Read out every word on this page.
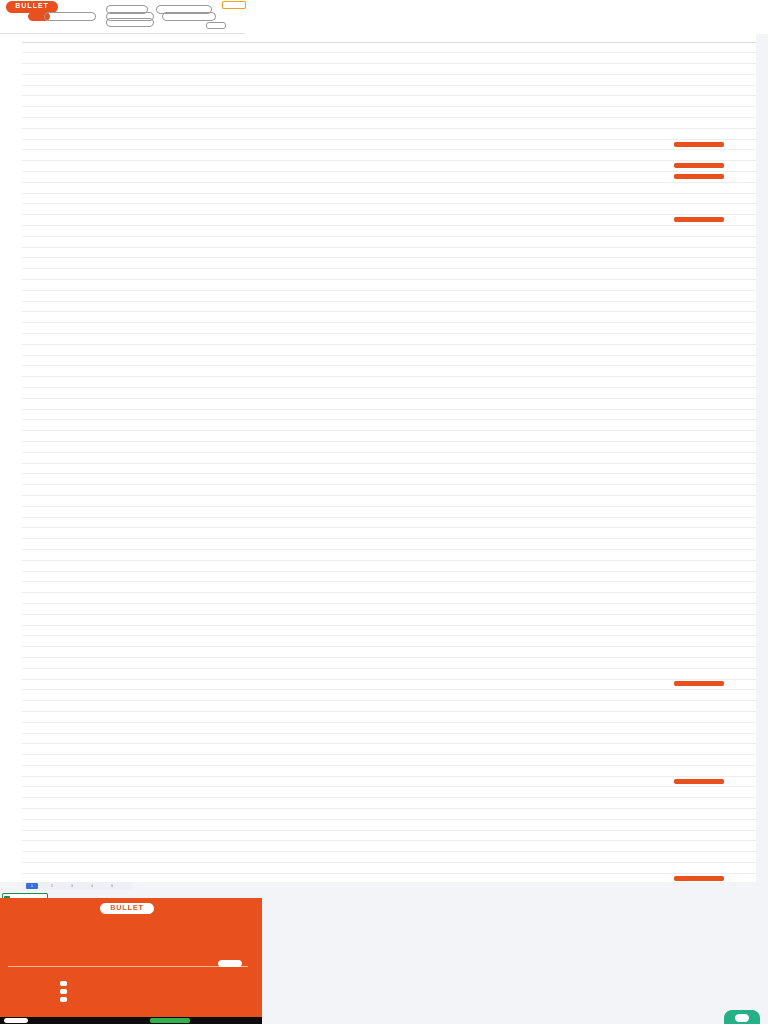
BULLET

1	2	3	4	5
BULLET
